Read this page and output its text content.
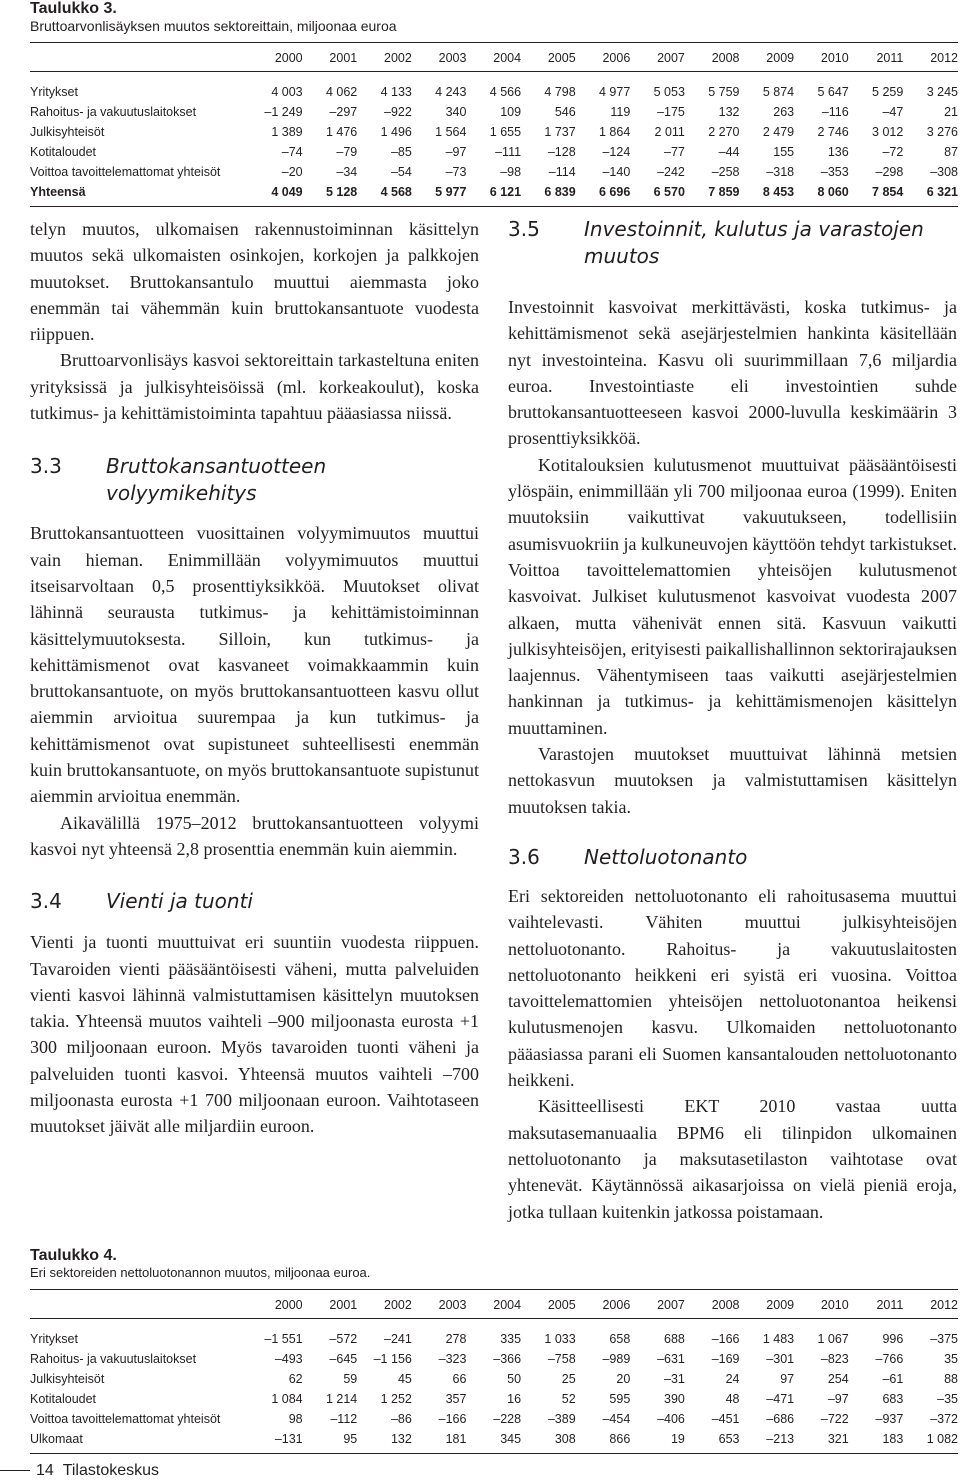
Taulukko 3.
Bruttoarvonlisäyksen muutos sektoreittain, miljoonaa euroa
	2000	2001	2002	2003	2004	2005	2006	2007	2008	2009	2010	2011	2012
Yritykset	4 003	4 062	4 133	4 243	4 566	4 798	4 977	5 053	5 759	5 874	5 647	5 259	3 245
Rahoitus- ja vakuutuslaitokset	–1 249	–297	–922	340	109	546	119	–175	132	263	–116	–47	21
Julkisyhteisöt	1 389	1 476	1 496	1 564	1 655	1 737	1 864	2 011	2 270	2 479	2 746	3 012	3 276
Kotitaloudet	–74	–79	–85	–97	–111	–128	–124	–77	–44	155	136	–72	87
Voittoa tavoittelemattomat yhteisöt	–20	–34	–54	–73	–98	–114	–140	–242	–258	–318	–353	–298	–308
Yhteensä	4 049	5 128	4 568	5 977	6 121	6 839	6 696	6 570	7 859	8 453	8 060	7 854	6 321

telyn muutos, ulkomaisen rakennustoiminnan käsittelyn muutos sekä ulkomaisten osinkojen, korkojen ja palkkojen muutokset. Bruttokansantulo muuttui aiemmasta joko enemmän tai vähemmän kuin bruttokansantuote vuodesta riippuen.

Bruttoarvonlisäys kasvoi sektoreittain tarkasteltuna eniten yrityksissä ja julkisyhteisöissä (ml. korkeakoulut), koska tutkimus- ja kehittämistoiminta tapahtuu pääasiassa niissä.

3.3	Bruttokansantuotteen
volyymikehitys

Bruttokansantuotteen vuosittainen volyymimuutos muuttui vain hieman. Enimmillään volyymimuutos muuttui itseisarvoltaan 0,5 prosenttiyksikköä. Muutokset olivat lähinnä seurausta tutkimus- ja kehittämistoiminnan käsittelymuutoksesta. Silloin, kun tutkimus- ja kehittämismenot ovat kasvaneet voimakkaammin kuin bruttokansantuote, on myös bruttokansantuotteen kasvu ollut aiemmin arvioitua suurempaa ja kun tutkimus- ja kehittämismenot ovat supistuneet suhteellisesti enemmän kuin bruttokansantuote, on myös bruttokansantuote supistunut aiemmin arvioitua enemmän.

Aikavälillä 1975–2012 bruttokansantuotteen volyymi kasvoi nyt yhteensä 2,8 prosenttia enemmän kuin aiemmin.

3.4	Vienti ja tuonti

Vienti ja tuonti muuttuivat eri suuntiin vuodesta riippuen. Tavaroiden vienti pääsääntöisesti väheni, mutta palveluiden vienti kasvoi lähinnä valmistuttamisen käsittelyn muutoksen takia. Yhteensä muutos vaihteli –900 miljoonasta eurosta +1 300 miljoonaan euroon. Myös tavaroiden tuonti väheni ja palveluiden tuonti kasvoi. Yhteensä muutos vaihteli –700 miljoonasta eurosta +1 700 miljoonaan euroon. Vaihtotaseen muutokset jäivät alle miljardiin euroon.

3.5	Investoinnit, kulutus ja varastojen
muutos

Investoinnit kasvoivat merkittävästi, koska tutkimus- ja kehittämismenot sekä asejärjestelmien hankinta käsitellään nyt investointeina. Kasvu oli suurimmillaan 7,6 miljardia euroa. Investointiaste eli investointien suhde bruttokansantuotteeseen kasvoi 2000-luvulla keskimäärin 3 prosenttiyksikköä.

Kotitalouksien kulutusmenot muuttuivat pääsääntöisesti ylöspäin, enimmillään yli 700 miljoonaa euroa (1999). Eniten muutoksiin vaikuttivat vakuutukseen, todellisiin asumisvuokriin ja kulkuneuvojen käyttöön tehdyt tarkistukset. Voittoa tavoittelemattomien yhteisöjen kulutusmenot kasvoivat. Julkiset kulutusmenot kasvoivat vuodesta 2007 alkaen, mutta vähenivät ennen sitä. Kasvuun vaikutti julkisyhteisöjen, erityisesti paikallishallinnon sektorirajauksen laajennus. Vähentymiseen taas vaikutti asejärjestelmien hankinnan ja tutkimus- ja kehittämismenojen käsittelyn muuttaminen.

Varastojen muutokset muuttuivat lähinnä metsien nettokasvun muutoksen ja valmistuttamisen käsittelyn muutoksen takia.

3.6	Nettoluotonanto

Eri sektoreiden nettoluotonanto eli rahoitusasema muuttui vaihtelevasti. Vähiten muuttui julkisyhteisöjen nettoluotonanto. Rahoitus- ja vakuutuslaitosten nettoluotonanto heikkeni eri syistä eri vuosina. Voittoa tavoittelemattomien yhteisöjen nettoluotonantoa heikensi kulutusmenojen kasvu. Ulkomaiden nettoluotonanto pääasiassa parani eli Suomen kansantalouden nettoluotonanto heikkeni.

Käsitteellisesti EKT 2010 vastaa uutta maksutasemanuaalia BPM6 eli tilinpidon ulkomainen nettoluotonanto ja maksutasetilaston vaihtotase ovat yhtenevät. Käytännössä aikasarjoissa on vielä pieniä eroja, jotka tullaan kuitenkin jatkossa poistamaan.

Taulukko 4.
Eri sektoreiden nettoluotonannon muutos, miljoonaa euroa.
	2000	2001	2002	2003	2004	2005	2006	2007	2008	2009	2010	2011	2012
Yritykset	–1 551	–572	–241	278	335	1 033	658	688	–166	1 483	1 067	996	–375
Rahoitus- ja vakuutuslaitokset	–493	–645	–1 156	–323	–366	–758	–989	–631	–169	–301	–823	–766	35
Julkisyhteisöt	62	59	45	66	50	25	20	–31	24	97	254	–61	88
Kotitaloudet	1 084	1 214	1 252	357	16	52	595	390	48	–471	–97	683	–35
Voittoa tavoittelemattomat yhteisöt	98	–112	–86	–166	–228	–389	–454	–406	–451	–686	–722	–937	–372
Ulkomaat	–131	95	132	181	345	308	866	19	653	–213	321	183	1 082
14 Tilastokeskus
